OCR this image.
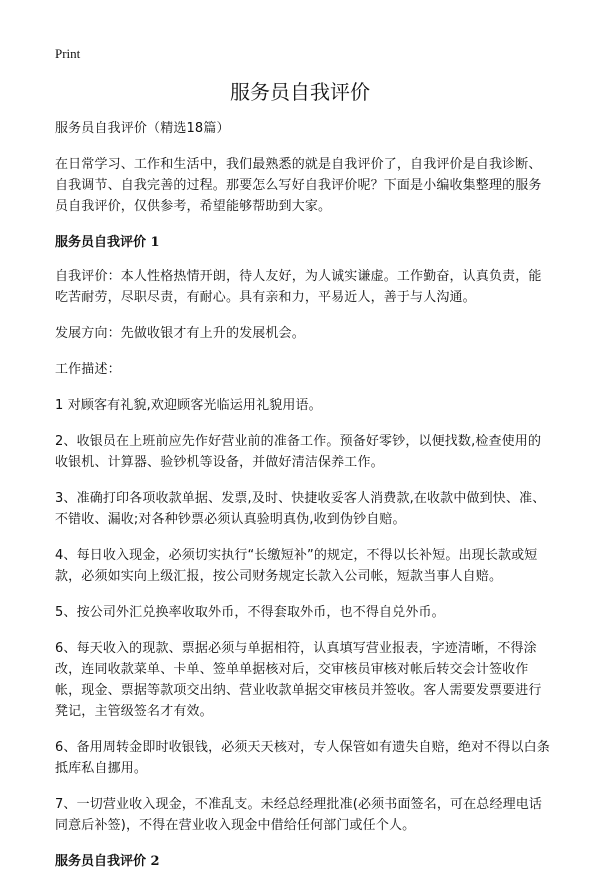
Print
服务员自我评价

服务员自我评价（精选18篇）

在日常学习、工作和生活中，我们最熟悉的就是自我评价了，自我评价是自我诊断、自我调节、自我完善的过程。那要怎么写好自我评价呢？下面是小编收集整理的服务员自我评价，仅供参考，希望能够帮助到大家。

服务员自我评价 1

自我评价：本人性格热情开朗，待人友好，为人诚实谦虚。工作勤奋，认真负责，能吃苦耐劳，尽职尽责，有耐心。具有亲和力，平易近人，善于与人沟通。

发展方向：先做收银才有上升的发展机会。

工作描述：

1 对顾客有礼貌,欢迎顾客光临运用礼貌用语。

2、收银员在上班前应先作好营业前的准备工作。预备好零钞，以便找数,检查使用的收银机、计算器、验钞机等设备，并做好清洁保养工作。

3、准确打印各项收款单据、发票,及时、快捷收妥客人消费款,在收款中做到快、准、不错收、漏收;对各种钞票必须认真验明真伪,收到伪钞自赔。

4、每日收入现金，必须切实执行“长缴短补”的规定，不得以长补短。出现长款或短款，必须如实向上级汇报，按公司财务规定长款入公司帐，短款当事人自赔。

5、按公司外汇兑换率收取外币，不得套取外币，也不得自兑外币。

6、每天收入的现款、票据必须与单据相符，认真填写营业报表，字迹清晰，不得涂改，连同收款菜单、卡单、签单单据核对后，交审核员审核对帐后转交会计签收作帐，现金、票据等款项交出纳、营业收款单据交审核员并签收。客人需要发票要进行凳记，主管级签名才有效。

6、备用周转金即时收银钱，必须天天核对，专人保管如有遗失自赔，绝对不得以白条抵库私自挪用。

7、一切营业收入现金，不准乱支。未经总经理批准(必须书面签名，可在总经理电话同意后补签)，不得在营业收入现金中借给任何部门或任个人。

服务员自我评价 2
